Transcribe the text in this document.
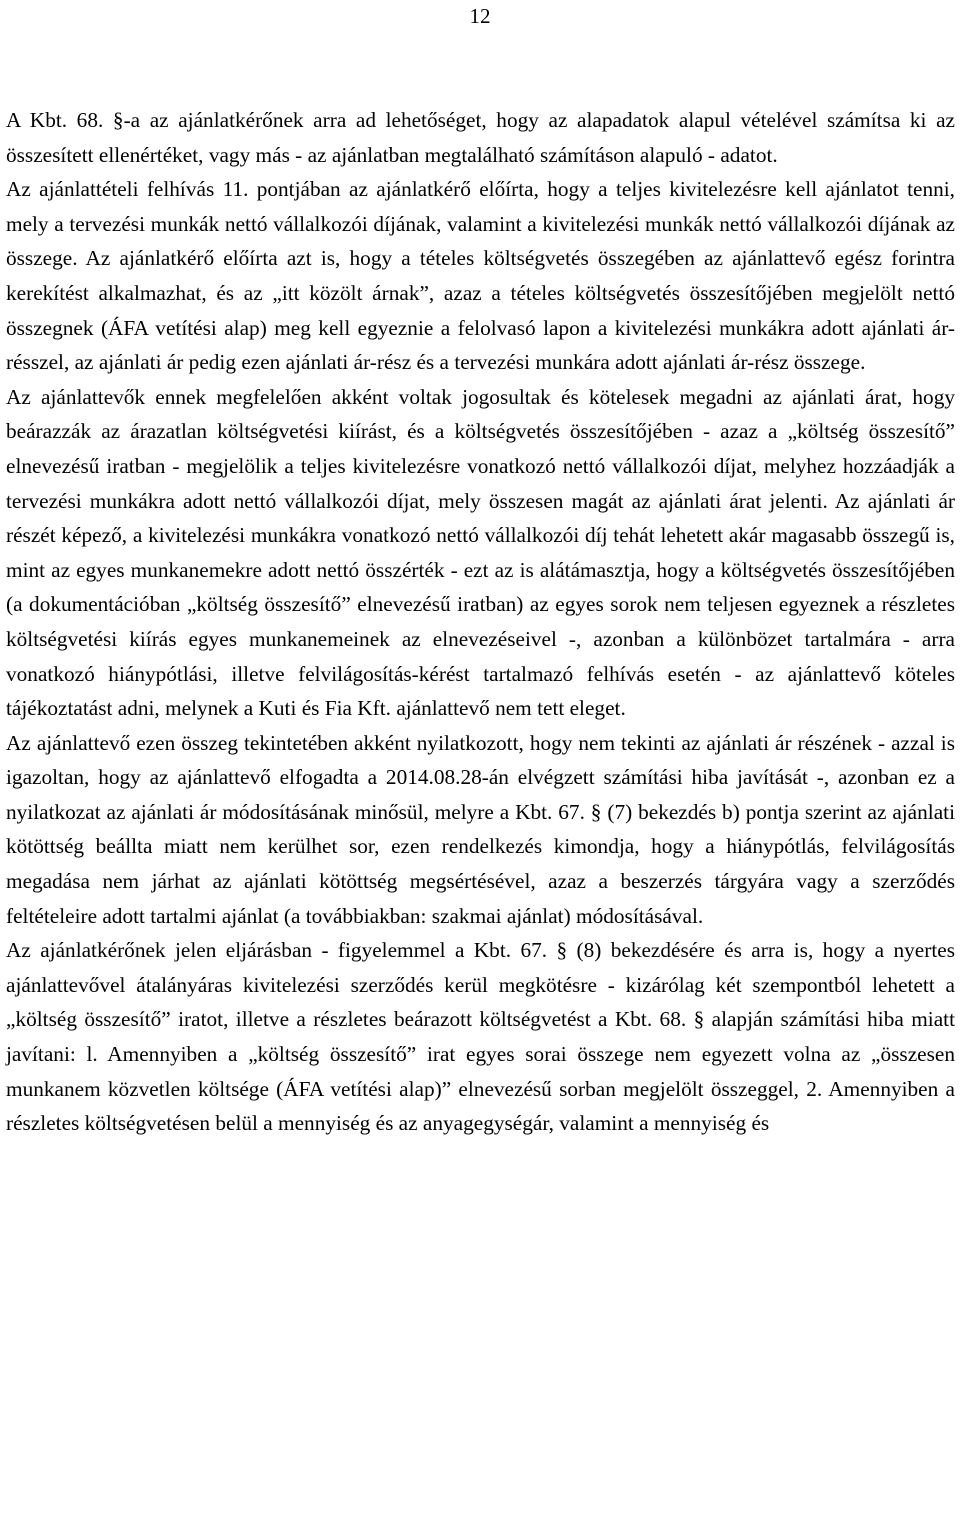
12

A Kbt. 68. §-a az ajánlatkérőnek arra ad lehetőséget, hogy az alapadatok alapul vételével számítsa ki az összesített ellenértéket, vagy más - az ajánlatban megtalálható számításon alapuló - adatot.

Az ajánlattételi felhívás 11. pontjában az ajánlatkérő előírta, hogy a teljes kivitelezésre kell ajánlatot tenni, mely a tervezési munkák nettó vállalkozói díjának, valamint a kivitelezési munkák nettó vállalkozói díjának az összege. Az ajánlatkérő előírta azt is, hogy a tételes költségvetés összegében az ajánlattevő egész forintra kerekítést alkalmazhat, és az „itt közölt árnak”, azaz a tételes költségvetés összesítőjében megjelölt nettó összegnek (ÁFA vetítési alap) meg kell egyeznie a felolvasó lapon a kivitelezési munkákra adott ajánlati ár-résszel, az ajánlati ár pedig ezen ajánlati ár-rész és a tervezési munkára adott ajánlati ár-rész összege.

Az ajánlattevők ennek megfelelően akként voltak jogosultak és kötelesek megadni az ajánlati árat, hogy beárazzák az árazatlan költségvetési kiírást, és a költségvetés összesítőjében - azaz a „költség összesítő” elnevezésű iratban - megjelölik a teljes kivitelezésre vonatkozó nettó vállalkozói díjat, melyhez hozzáadják a tervezési munkákra adott nettó vállalkozói díjat, mely összesen magát az ajánlati árat jelenti. Az ajánlati ár részét képező, a kivitelezési munkákra vonatkozó nettó vállalkozói díj tehát lehetett akár magasabb összegű is, mint az egyes munkanemekre adott nettó összérték - ezt az is alátámasztja, hogy a költségvetés összesítőjében (a dokumentációban „költség összesítő” elnevezésű iratban) az egyes sorok nem teljesen egyeznek a részletes költségvetési kiírás egyes munkanemeinek az elnevezéseivel -, azonban a különbözet tartalmára - arra vonatkozó hiánypótlási, illetve felvilágosítás-kérést tartalmazó felhívás esetén - az ajánlattevő köteles tájékoztatást adni, melynek a Kuti és Fia Kft. ajánlattevő nem tett eleget.

Az ajánlattevő ezen összeg tekintetében akként nyilatkozott, hogy nem tekinti az ajánlati ár részének - azzal is igazoltan, hogy az ajánlattevő elfogadta a 2014.08.28-án elvégzett számítási hiba javítását -, azonban ez a nyilatkozat az ajánlati ár módosításának minősül, melyre a Kbt. 67. § (7) bekezdés b) pontja szerint az ajánlati kötöttség beállta miatt nem kerülhet sor, ezen rendelkezés kimondja, hogy a hiánypótlás, felvilágosítás megadása nem járhat az ajánlati kötöttség megsértésével, azaz a beszerzés tárgyára vagy a szerződés feltételeire adott tartalmi ajánlat (a továbbiakban: szakmai ajánlat) módosításával.

Az ajánlatkérőnek jelen eljárásban - figyelemmel a Kbt. 67. § (8) bekezdésére és arra is, hogy a nyertes ajánlattevővel átalányáras kivitelezési szerződés kerül megkötésre - kizárólag két szempontból lehetett a „költség összesítő” iratot, illetve a részletes beárazott költségvetést a Kbt. 68. § alapján számítási hiba miatt javítani: l. Amennyiben a „költség összesítő” irat egyes sorai összege nem egyezett volna az „összesen munkanem közvetlen költsége (ÁFA vetítési alap)” elnevezésű sorban megjelölt összeggel, 2. Amennyiben a részletes költségvetésen belül a mennyiség és az anyagegységár, valamint a mennyiség és
